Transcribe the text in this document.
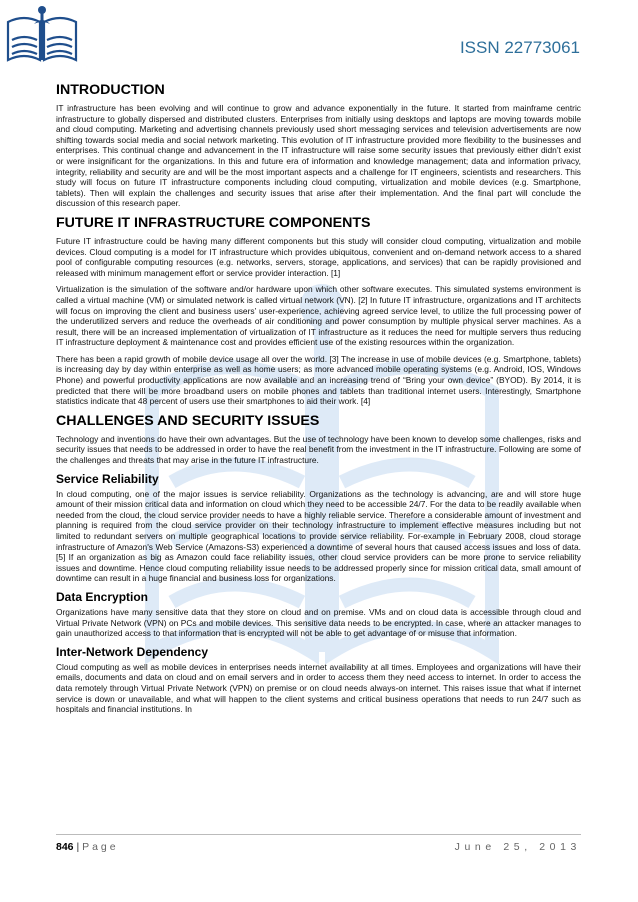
ISSN 22773061
INTRODUCTION

IT infrastructure has been evolving and will continue to grow and advance exponentially in the future. It started from mainframe centric infrastructure to globally dispersed and distributed clusters. Enterprises from initially using desktops and laptops are moving towards mobile and cloud computing. Marketing and advertising channels previously used short messaging services and television advertisements are now shifting towards social media and social network marketing. This evolution of IT infrastructure provided more flexibility to the businesses and enterprises. This continual change and advancement in the IT infrastructure will raise some security issues that previously either didn’t exist or were insignificant for the organizations. In this and future era of information and knowledge management; data and information privacy, integrity, reliability and security are and will be the most important aspects and a challenge for IT engineers, scientists and researchers. This study will focus on future IT infrastructure components including cloud computing, virtualization and mobile devices (e.g. Smartphone, tablets). Then will explain the challenges and security issues that arise after their implementation. And the final part will conclude the discussion of this research paper.

FUTURE IT INFRASTRUCTURE COMPONENTS

Future IT infrastructure could be having many different components but this study will consider cloud computing, virtualization and mobile devices. Cloud computing is a model for IT infrastructure which provides ubiquitous, convenient and on-demand network access to a shared pool of configurable computing resources (e.g. networks, servers, storage, applications, and services) that can be rapidly provisioned and released with minimum management effort or service provider interaction. [1]

Virtualization is the simulation of the software and/or hardware upon which other software executes. This simulated systems environment is called a virtual machine (VM) or simulated network is called virtual network (VN). [2] In future IT infrastructure, organizations and IT architects will focus on improving the client and business users’ user-experience, achieving agreed service level, to utilize the full processing power of the underutilized servers and reduce the overheads of air conditioning and power consumption by multiple physical server machines. As a result, there will be an increased implementation of virtualization of IT infrastructure as it reduces the need for multiple servers thus reducing IT infrastructure deployment & maintenance cost and provides efficient use of the existing resources within the organization.

There has been a rapid growth of mobile device usage all over the world. [3] The increase in use of mobile devices (e.g. Smartphone, tablets) is increasing day by day within enterprise as well as home users; as more advanced mobile operating systems (e.g. Android, IOS, Windows Phone) and powerful productivity applications are now available and an increasing trend of “Bring your own device” (BYOD). By 2014, it is predicted that there will be more broadband users on mobile phones and tablets than traditional internet users. Interestingly, Smartphone statistics indicate that 48 percent of users use their smartphones to aid their work. [4]

CHALLENGES AND SECURITY ISSUES

Technology and inventions do have their own advantages. But the use of technology have been known to develop some challenges, risks and security issues that needs to be addressed in order to have the real benefit from the investment in the IT infrastructure. Following are some of the challenges and threats that may arise in the future IT infrastructure.

Service Reliability

In cloud computing, one of the major issues is service reliability. Organizations as the technology is advancing, are and will store huge amount of their mission critical data and information on cloud which they need to be accessible 24/7. For the data to be readily available when needed from the cloud, the cloud service provider needs to have a highly reliable service. Therefore a considerable amount of investment and planning is required from the cloud service provider on their technology infrastructure to implement effective measures including but not limited to redundant servers on multiple geographical locations to provide service reliability. For-example in February 2008, cloud storage infrastructure of Amazon's Web Service (Amazons-S3) experienced a downtime of several hours that caused access issues and loss of data. [5] If an organization as big as Amazon could face reliability issues, other cloud service providers can be more prone to service reliability issues and downtime. Hence cloud computing reliability issue needs to be addressed properly since for mission critical data, small amount of downtime can result in a huge financial and business loss for organizations.

Data Encryption

Organizations have many sensitive data that they store on cloud and on premise. VMs and on cloud data is accessible through cloud and Virtual Private Network (VPN) on PCs and mobile devices. This sensitive data needs to be encrypted. In case, where an attacker manages to gain unauthorized access to that information that is encrypted will not be able to get advantage of or misuse that information.

Inter-Network Dependency

Cloud computing as well as mobile devices in enterprises needs internet availability at all times. Employees and organizations will have their emails, documents and data on cloud and on email servers and in order to access them they need access to internet. In order to access the data remotely through Virtual Private Network (VPN) on premise or on cloud needs always-on internet. This raises issue that what if internet service is down or unavailable, and what will happen to the client systems and critical business operations that needs to run 24/7 such as hospitals and financial institutions. In

846 | Page	June 25, 2013
